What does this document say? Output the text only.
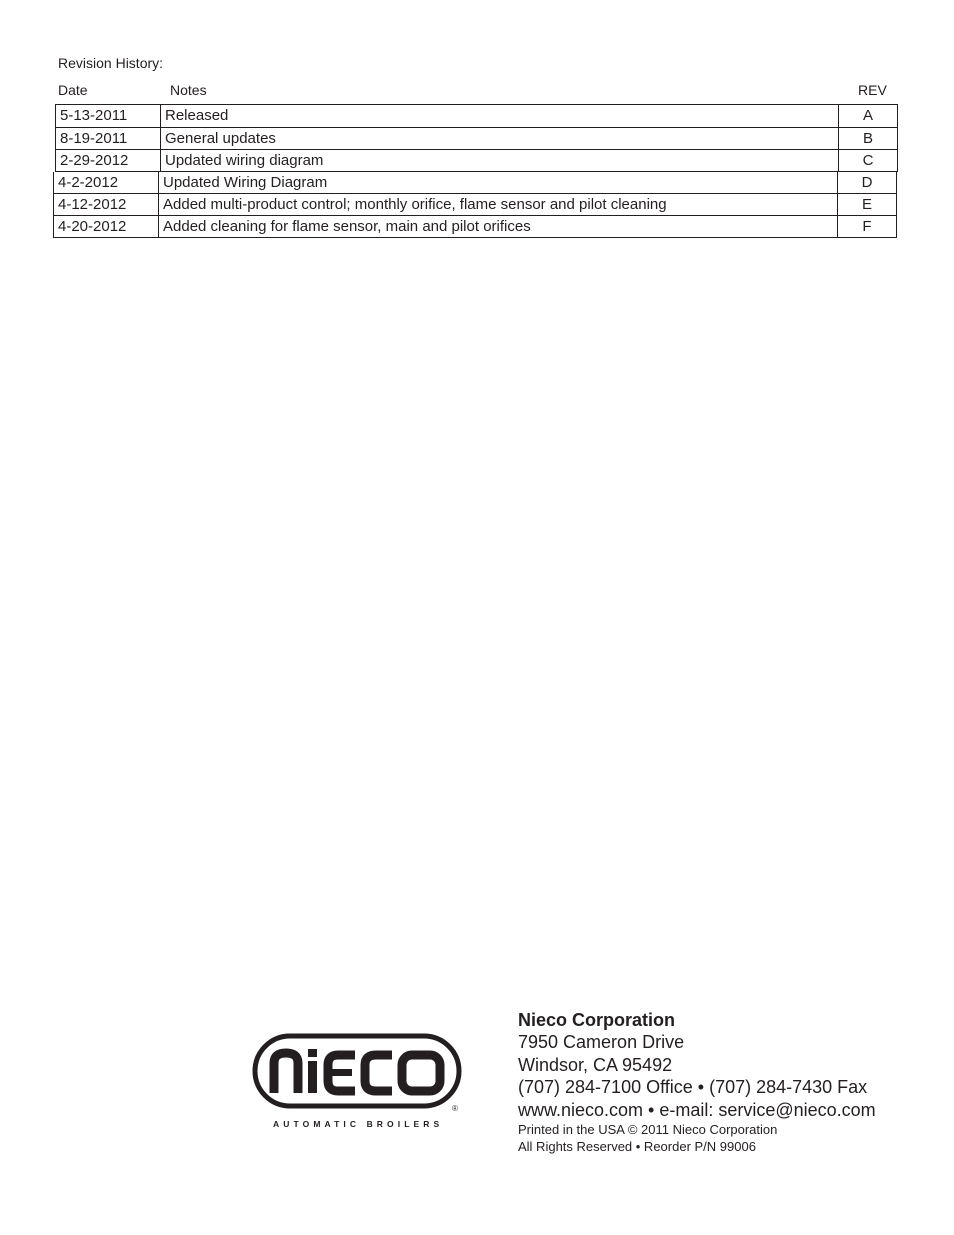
Revision History:
Date	Notes	REV
5-13-2011	Released	A
8-19-2011	General updates	B
2-29-2012	Updated wiring diagram	C
4-2-2012	Updated Wiring Diagram	D
4-12-2012	Added multi-product control; monthly orifice, flame sensor and pilot cleaning	E
4-20-2012	Added cleaning for flame sensor, main and pilot orifices	F
®
AUTOMATIC BROILERS
Nieco Corporation
7950 Cameron Drive
Windsor, CA 95492
(707) 284-7100 Office • (707) 284-7430 Fax
www.nieco.com • e-mail: service@nieco.com
Printed in the USA © 2011 Nieco Corporation
All Rights Reserved • Reorder P/N 99006
